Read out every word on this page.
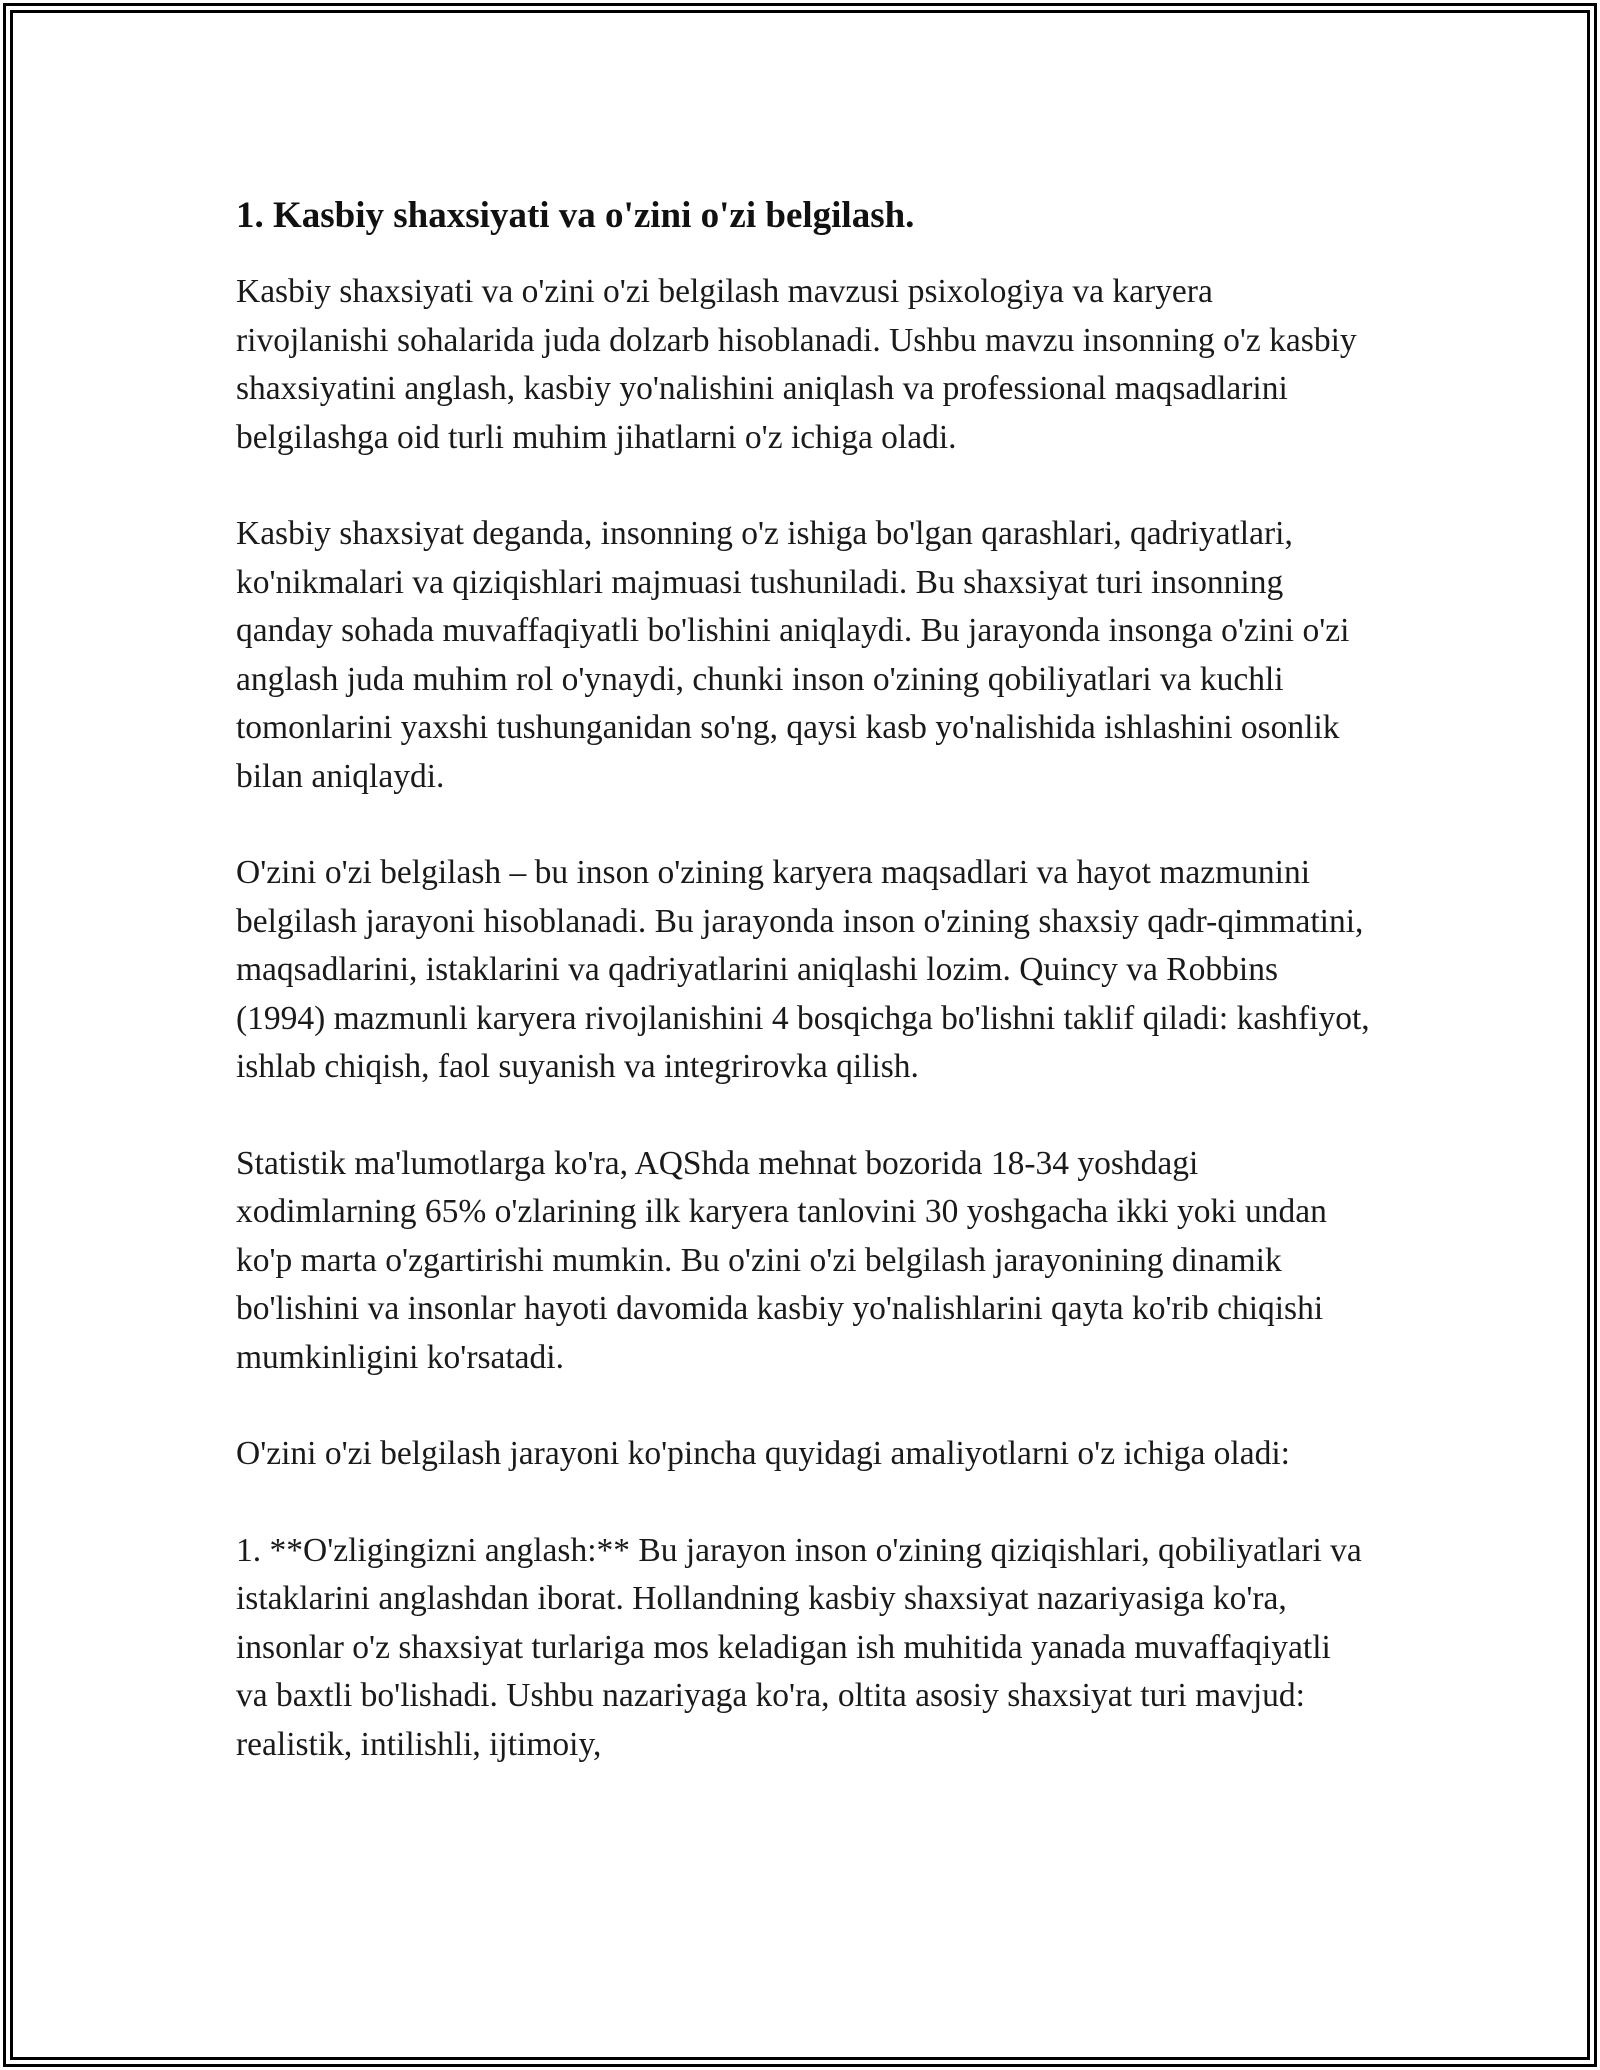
1. Kasbiy shaxsiyati va o'zini o'zi belgilash.

Kasbiy shaxsiyati va o'zini o'zi belgilash mavzusi psixologiya va karyera rivojlanishi sohalarida juda dolzarb hisoblanadi. Ushbu mavzu insonning o'z kasbiy shaxsiyatini anglash, kasbiy yo'nalishini aniqlash va professional maqsadlarini belgilashga oid turli muhim jihatlarni o'z ichiga oladi.

Kasbiy shaxsiyat deganda, insonning o'z ishiga bo'lgan qarashlari, qadriyatlari, ko'nikmalari va qiziqishlari majmuasi tushuniladi. Bu shaxsiyat turi insonning qanday sohada muvaffaqiyatli bo'lishini aniqlaydi. Bu jarayonda insonga o'zini o'zi anglash juda muhim rol o'ynaydi, chunki inson o'zining qobiliyatlari va kuchli tomonlarini yaxshi tushunganidan so'ng, qaysi kasb yo'nalishida ishlashini osonlik bilan aniqlaydi.

O'zini o'zi belgilash – bu inson o'zining karyera maqsadlari va hayot mazmunini belgilash jarayoni hisoblanadi. Bu jarayonda inson o'zining shaxsiy qadr-qimmatini, maqsadlarini, istaklarini va qadriyatlarini aniqlashi lozim. Quincy va Robbins (1994) mazmunli karyera rivojlanishini 4 bosqichga bo'lishni taklif qiladi: kashfiyot, ishlab chiqish, faol suyanish va integrirovka qilish.

Statistik ma'lumotlarga ko'ra, AQShda mehnat bozorida 18-34 yoshdagi xodimlarning 65% o'zlarining ilk karyera tanlovini 30 yoshgacha ikki yoki undan ko'p marta o'zgartirishi mumkin. Bu o'zini o'zi belgilash jarayonining dinamik bo'lishini va insonlar hayoti davomida kasbiy yo'nalishlarini qayta ko'rib chiqishi mumkinligini ko'rsatadi.

O'zini o'zi belgilash jarayoni ko'pincha quyidagi amaliyotlarni o'z ichiga oladi:

1. **O'zligingizni anglash:** Bu jarayon inson o'zining qiziqishlari, qobiliyatlari va istaklarini anglashdan iborat. Hollandning kasbiy shaxsiyat nazariyasiga ko'ra, insonlar o'z shaxsiyat turlariga mos keladigan ish muhitida yanada muvaffaqiyatli va baxtli bo'lishadi. Ushbu nazariyaga ko'ra, oltita asosiy shaxsiyat turi mavjud: realistik, intilishli, ijtimoiy,
